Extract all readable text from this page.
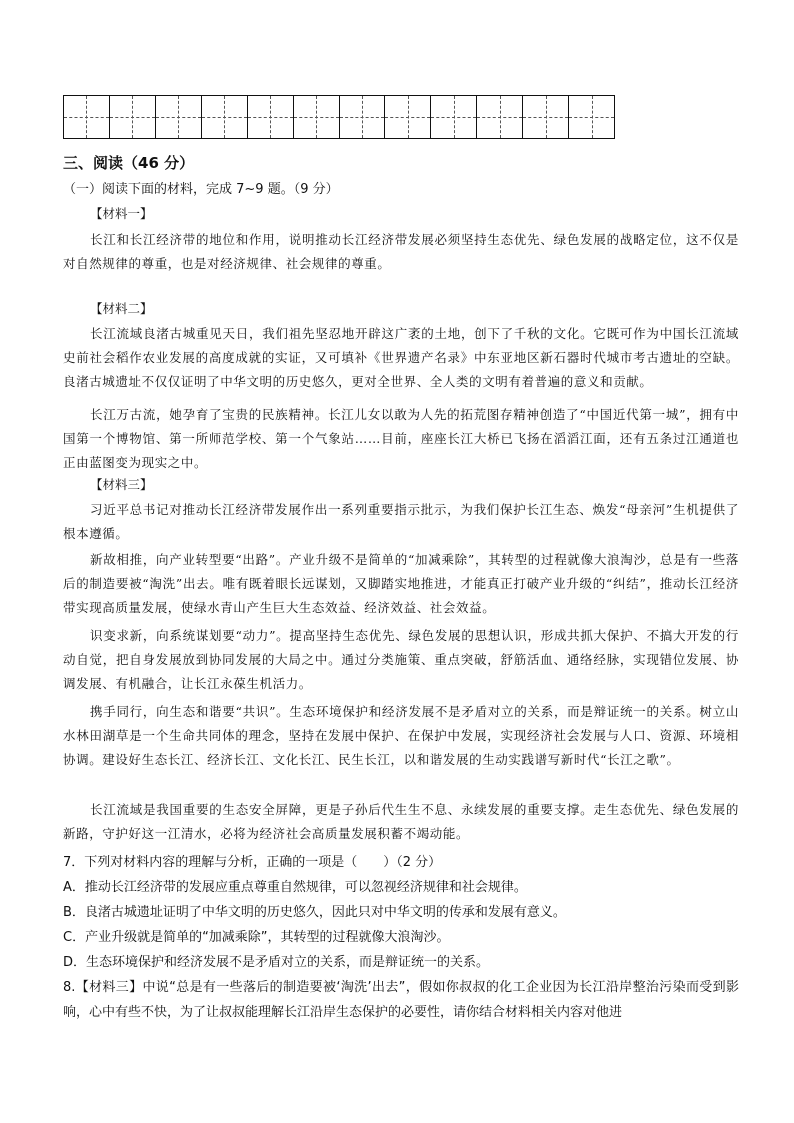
三、阅读（46 分）
（一）阅读下面的材料，完成 7~9 题。（9 分）
【材料一】
长江和长江经济带的地位和作用，说明推动长江经济带发展必须坚持生态优先、绿色发展的战略定位，这不仅是对自然规律的尊重，也是对经济规律、社会规律的尊重。
【材料二】
长江流域良渚古城重见天日，我们祖先坚忍地开辟这广袤的土地，创下了千秋的文化。它既可作为中国长江流域史前社会稻作农业发展的高度成就的实证，又可填补《世界遗产名录》中东亚地区新石器时代城市考古遗址的空缺。良渚古城遗址不仅仅证明了中华文明的历史悠久，更对全世界、全人类的文明有着普遍的意义和贡献。
长江万古流，她孕育了宝贵的民族精神。长江儿女以敢为人先的拓荒图存精神创造了“中国近代第一城”，拥有中国第一个博物馆、第一所师范学校、第一个气象站……目前，座座长江大桥已飞扬在滔滔江面，还有五条过江通道也正由蓝图变为现实之中。
【材料三】
习近平总书记对推动长江经济带发展作出一系列重要指示批示，为我们保护长江生态、焕发“母亲河”生机提供了根本遵循。
新故相推，向产业转型要“出路”。产业升级不是简单的“加减乘除”，其转型的过程就像大浪淘沙，总是有一些落后的制造要被“淘洗”出去。唯有既着眼长远谋划，又脚踏实地推进，才能真正打破产业升级的“纠结”，推动长江经济带实现高质量发展，使绿水青山产生巨大生态效益、经济效益、社会效益。
识变求新，向系统谋划要“动力”。提高坚持生态优先、绿色发展的思想认识，形成共抓大保护、不搞大开发的行动自觉，把自身发展放到协同发展的大局之中。通过分类施策、重点突破，舒筋活血、通络经脉，实现错位发展、协调发展、有机融合，让长江永葆生机活力。
携手同行，向生态和谐要“共识”。生态环境保护和经济发展不是矛盾对立的关系，而是辩证统一的关系。树立山水林田湖草是一个生命共同体的理念，坚持在发展中保护、在保护中发展，实现经济社会发展与人口、资源、环境相协调。建设好生态长江、经济长江、文化长江、民生长江，以和谐发展的生动实践谱写新时代“长江之歌”。
长江流域是我国重要的生态安全屏障，更是子孙后代生生不息、永续发展的重要支撑。走生态优先、绿色发展的新路，守护好这一江清水，必将为经济社会高质量发展积蓄不竭动能。
7．下列对材料内容的理解与分析，正确的一项是（　　）（2 分）
A．推动长江经济带的发展应重点尊重自然规律，可以忽视经济规律和社会规律。
B．良渚古城遗址证明了中华文明的历史悠久，因此只对中华文明的传承和发展有意义。
C．产业升级就是简单的“加减乘除”，其转型的过程就像大浪淘沙。
D．生态环境保护和经济发展不是矛盾对立的关系，而是辩证统一的关系。
8.【材料三】中说“总是有一些落后的制造要被‘淘洗’出去”，假如你叔叔的化工企业因为长江沿岸整治污染而受到影响，心中有些不快，为了让叔叔能理解长江沿岸生态保护的必要性，请你结合材料相关内容对他进
